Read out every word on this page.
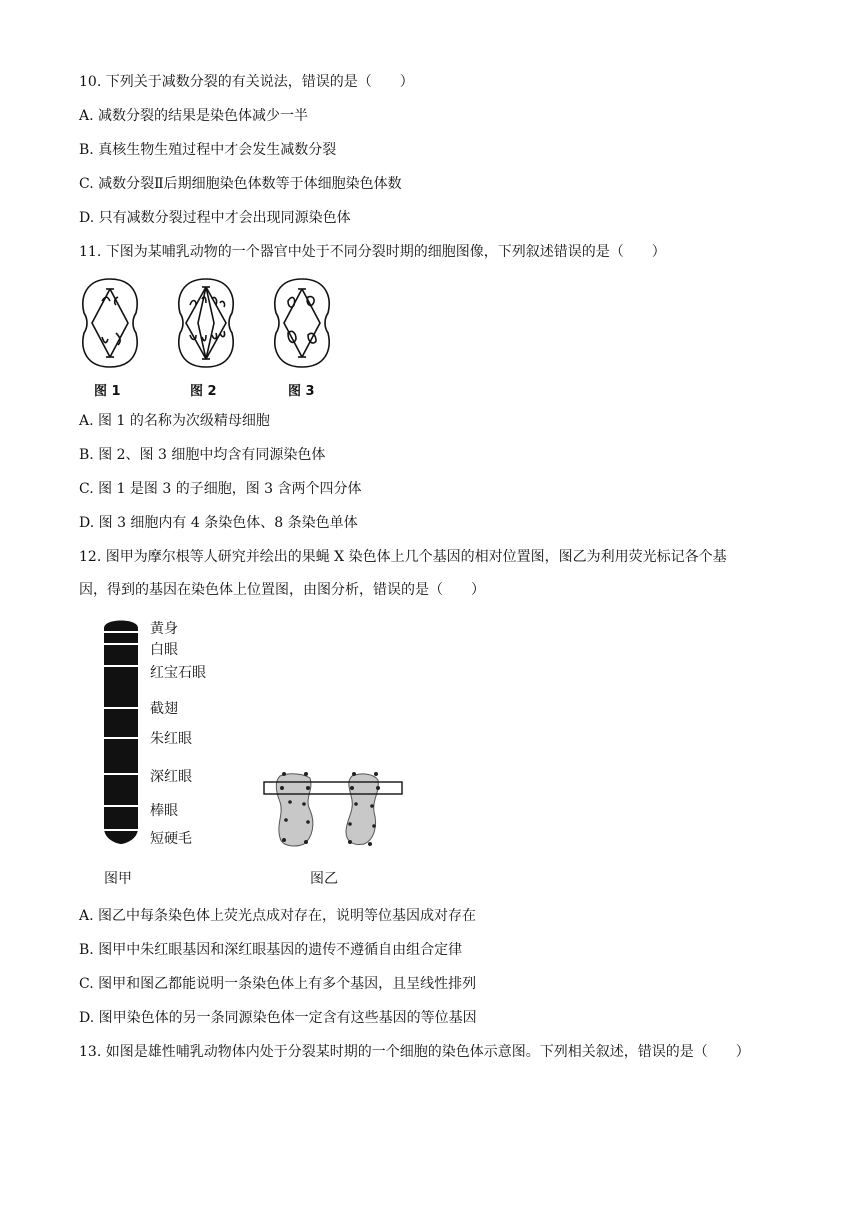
10. 下列关于减数分裂的有关说法，错误的是（　　）
A. 减数分裂的结果是染色体减少一半
B. 真核生物生殖过程中才会发生减数分裂
C. 减数分裂Ⅱ后期细胞染色体数等于体细胞染色体数
D. 只有减数分裂过程中才会出现同源染色体
11. 下图为某哺乳动物的一个器官中处于不同分裂时期的细胞图像，下列叙述错误的是（　　）
图 1	图 2	图 3
A. 图 1 的名称为次级精母细胞
B. 图 2、图 3 细胞中均含有同源染色体
C. 图 1 是图 3 的子细胞，图 3 含两个四分体
D. 图 3 细胞内有 4 条染色体、8 条染色单体
12. 图甲为摩尔根等人研究并绘出的果蝇 X 染色体上几个基因的相对位置图，图乙为利用荧光标记各个基
因，得到的基因在染色体上位置图，由图分析，错误的是（　　）
黄身
白眼
红宝石眼
截翅
朱红眼
深红眼
棒眼
短硬毛
图甲	图乙
A. 图乙中每条染色体上荧光点成对存在，说明等位基因成对存在
B. 图甲中朱红眼基因和深红眼基因的遗传不遵循自由组合定律
C. 图甲和图乙都能说明一条染色体上有多个基因，且呈线性排列
D. 图甲染色体的另一条同源染色体一定含有这些基因的等位基因
13. 如图是雄性哺乳动物体内处于分裂某时期的一个细胞的染色体示意图。下列相关叙述，错误的是（　　）
